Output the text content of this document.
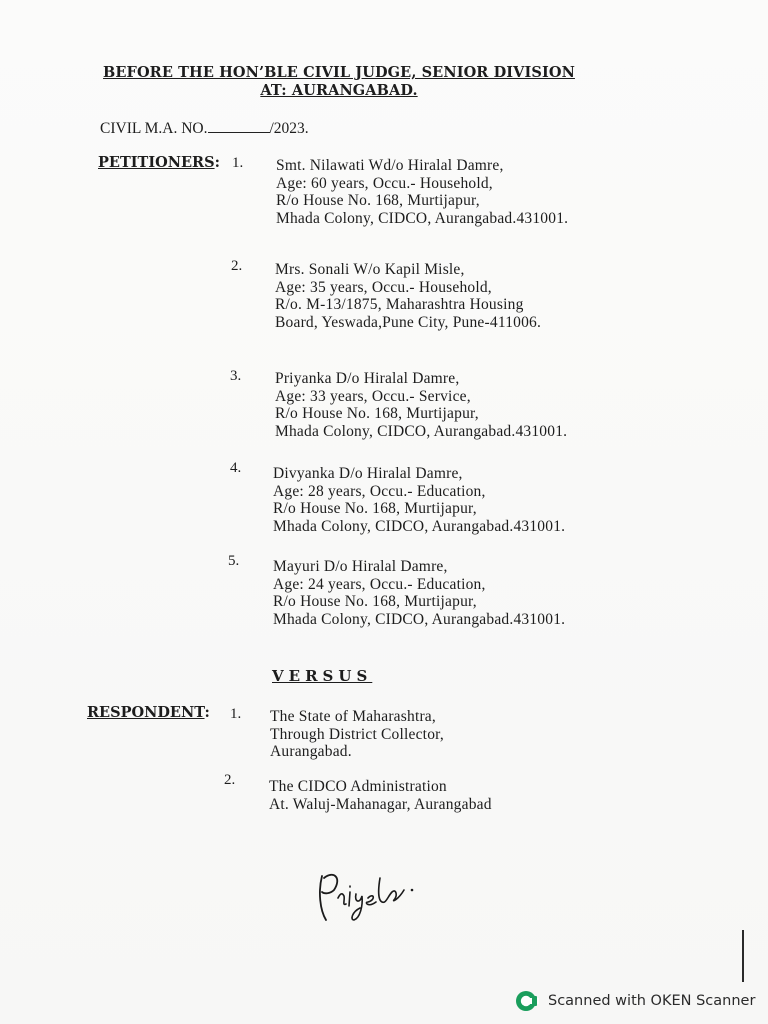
BEFORE THE HON’BLE CIVIL JUDGE, SENIOR DIVISION
AT: AURANGABAD.
CIVIL M.A. NO.	/2023.
PETITIONERS: 1. Smt. Nilawati Wd/o Hiralal Damre,
Age: 60 years, Occu.- Household,
R/o House No. 168, Murtijapur,
Mhada Colony, CIDCO, Aurangabad.431001.
2. Mrs. Sonali W/o Kapil Misle,
Age: 35 years, Occu.- Household,
R/o. M-13/1875, Maharashtra Housing
Board, Yeswada,Pune City, Pune-411006.
3. Priyanka D/o Hiralal Damre,
Age: 33 years, Occu.- Service,
R/o House No. 168, Murtijapur,
Mhada Colony, CIDCO, Aurangabad.431001.
4. Divyanka D/o Hiralal Damre,
Age: 28 years, Occu.- Education,
R/o House No. 168, Murtijapur,
Mhada Colony, CIDCO, Aurangabad.431001.
5. Mayuri D/o Hiralal Damre,
Age: 24 years, Occu.- Education,
R/o House No. 168, Murtijapur,
Mhada Colony, CIDCO, Aurangabad.431001.
VERSUS
RESPONDENT: 1. The State of Maharashtra,
Through District Collector,
Aurangabad.
2. The CIDCO Administration
At. Waluj-Mahanagar, Aurangabad
Scanned with OKEN Scanner
